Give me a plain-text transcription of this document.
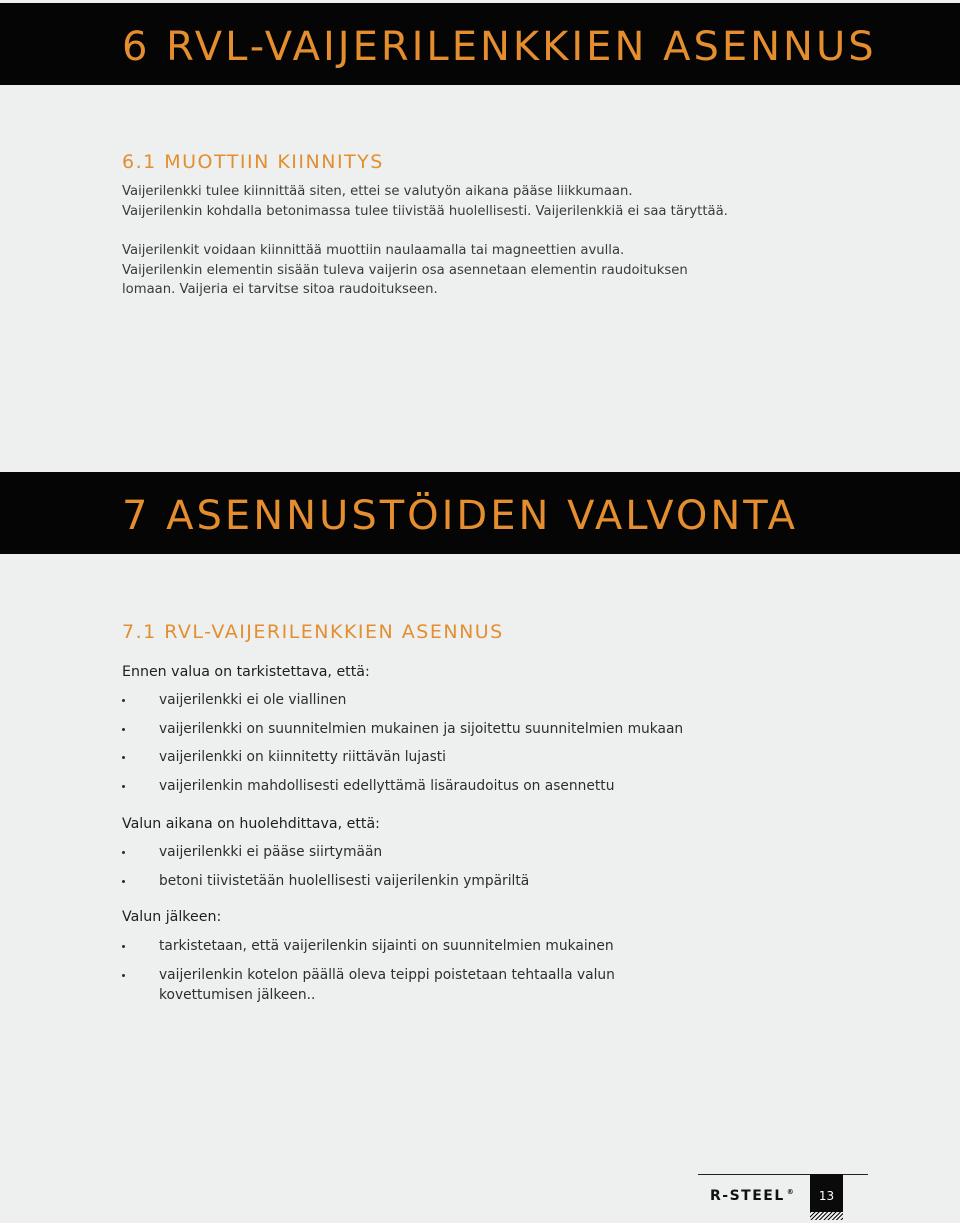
6 RVL-VAIJERILENKKIEN ASENNUS
6.1 MUOTTIIN KIINNITYS

Vaijerilenkki tulee kiinnittää siten, ettei se valutyön aikana pääse liikkumaan.
Vaijerilenkin kohdalla betonimassa tulee tiivistää huolellisesti. Vaijerilenkkiä ei saa täryttää.

Vaijerilenkit voidaan kiinnittää muottiin naulaamalla tai magneettien avulla.
Vaijerilenkin elementin sisään tuleva vaijerin osa asennetaan elementin raudoituksen
lomaan. Vaijeria ei tarvitse sitoa raudoitukseen.

7 ASENNUSTÖIDEN VALVONTA
7.1 RVL-VAIJERILENKKIEN ASENNUS

Ennen valua on tarkistettava, että:

vaijerilenkki ei ole viallinen
vaijerilenkki on suunnitelmien mukainen ja sijoitettu suunnitelmien mukaan
vaijerilenkki on kiinnitetty riittävän lujasti
vaijerilenkin mahdollisesti edellyttämä lisäraudoitus on asennettu

Valun aikana on huolehdittava, että:

vaijerilenkki ei pääse siirtymään
betoni tiivistetään huolellisesti vaijerilenkin ympäriltä

Valun jälkeen:

tarkistetaan, että vaijerilenkin sijainti on suunnitelmien mukainen
vaijerilenkin kotelon päällä oleva teippi poistetaan tehtaalla valun
kovettumisen jälkeen..
R-STEEL ®	13
